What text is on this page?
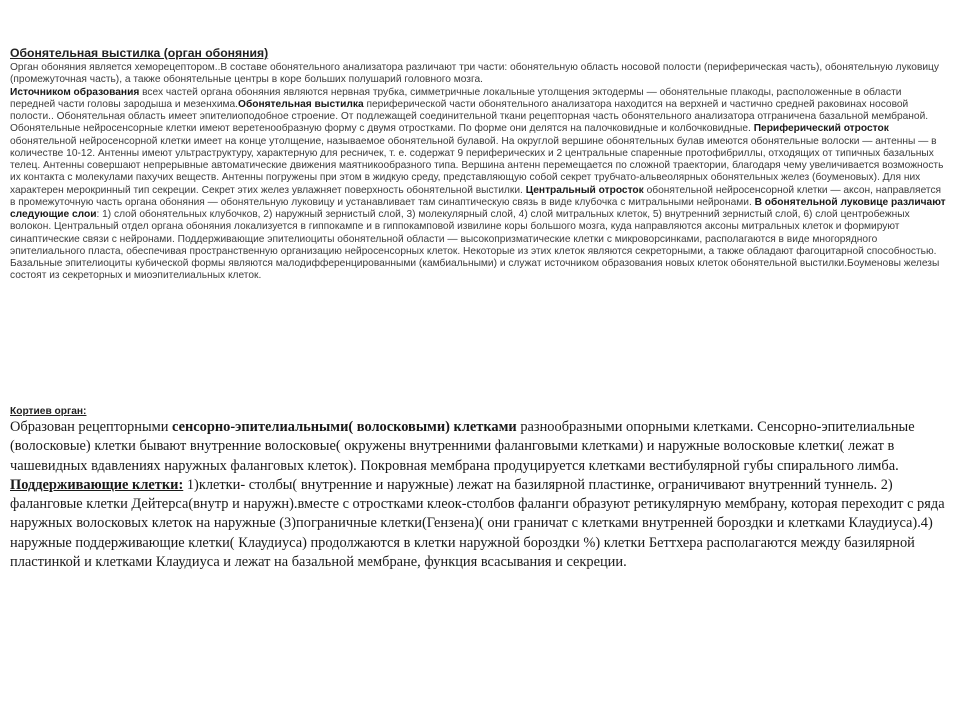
Обонятельная выстилка (орган обоняния)

Орган обоняния является хеморецептором..В составе обонятельного анализатора различают три части: обонятельную область носовой полости (периферическая часть), обонятельную луковицу (промежуточная часть), а также обонятельные центры в коре больших полушарий головного мозга.

Источником образования всех частей органа обоняния являются нервная трубка, симметричные локальные утолщения эктодермы — обонятельные плакоды, расположенные в области передней части головы зародыша и мезенхима.Обонятельная выстилка периферической части обонятельного анализатора находится на верхней и частично средней раковинах носовой полости.. Обонятельная область имеет эпителиоподобное строение. От подлежащей соединительной ткани рецепторная часть обонятельного анализатора отграничена базальной мембраной. Обонятельные нейросенсорные клетки имеют веретенообразную форму с двумя отростками. По форме они делятся на палочковидные и колбочковидные. Периферический отросток обонятельной нейросенсорной клетки имеет на конце утолщение, называемое обонятельной булавой. На округлой вершине обонятельных булав имеются обонятельные волоски — антенны — в количестве 10-12. Антенны имеют ультраструктуру, характерную для ресничек, т. е. содержат 9 периферических и 2 центральные спаренные протофибриллы, отходящих от типичных базальных телец. Антенны совершают непрерывные автоматические движения маятникообразного типа. Вершина антенн перемещается по сложной траектории, благодаря чему увеличивается возможность их контакта с молекулами пахучих веществ. Антенны погружены при этом в жидкую среду, представляющую собой секрет трубчато-альвеолярных обонятельных желез (боуменовых). Для них характерен мерокринный тип секреции. Секрет этих желез увлажняет поверхность обонятельной выстилки. Центральный отросток обонятельной нейросенсорной клетки — аксон, направляется в промежуточную часть органа обоняния — обонятельную луковицу и устанавливает там синаптическую связь в виде клубочка с митральными нейронами. В обонятельной луковице различают следующие слои: 1) слой обонятельных клубочков, 2) наружный зернистый слой, 3) молекулярный слой, 4) слой митральных клеток, 5) внутренний зернистый слой, 6) слой центробежных волокон. Центральный отдел органа обоняния локализуется в гиппокампе и в гиппокамповой извилине коры большого мозга, куда направляются аксоны митральных клеток и формируют синаптические связи с нейронами. Поддерживающие эпителиоциты обонятельной области — высокопризматические клетки с микроворсинками, располагаются в виде многорядного эпителиального пласта, обеспечивая пространственную организацию нейросенсорных клеток. Некоторые из этих клеток являются секреторными, а также обладают фагоцитарной способностью. Базальные эпителиоциты кубической формы являются малодифференцированными (камбиальными) и служат источником образования новых клеток обонятельной выстилки.Боуменовы железы состоят из секреторных и миоэпителиальных клеток.

Кортиев орган:

Образован рецепторными сенсорно-эпителиальными( волосковыми) клетками разнообразными опорными клетками. Сенсорно-эпителиальные (волосковые) клетки бывают внутренние волосковые( окружены внутренними фаланговыми клетками) и наружные волосковые клетки( лежат в чашевидных вдавлениях наружных фаланговых клеток). Покровная мембрана продуцируется клетками вестибулярной губы спирального лимба. Поддерживающие клетки: 1)клетки- столбы( внутренние и наружные) лежат на базилярной пластинке, ограничивают внутренний туннель. 2) фаланговые клетки Дейтерса(внутр и наружн).вместе с отростками клеок-столбов фаланги образуют ретикулярную мембрану, которая переходит с ряда наружных волосковых клеток на наружные (3)пограничные клетки(Гензена)( они граничат с клетками внутренней бороздки и клетками Клаудиуса).4) наружные поддерживающие клетки( Клаудиуса) продолжаются в клетки наружной бороздки %) клетки Беттхера располагаются между базилярной пластинкой и клетками Клаудиуса и лежат на базальной мембране, функция всасывания и секреции.
